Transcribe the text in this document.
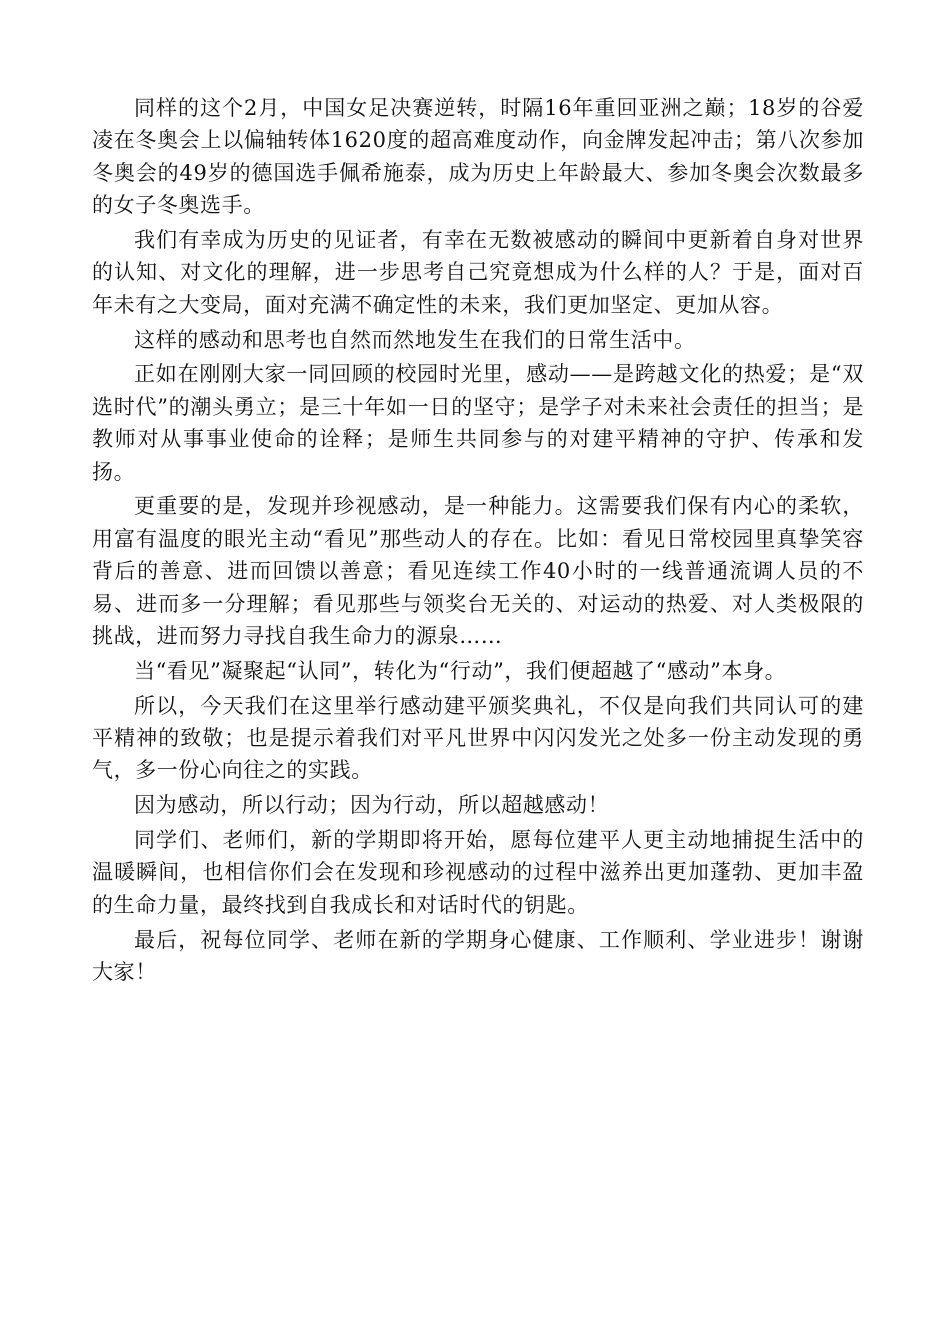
同样的这个2月，中国女足决赛逆转，时隔16年重回亚洲之巅；18岁的谷爱凌在冬奥会上以偏轴转体1620度的超高难度动作，向金牌发起冲击；第八次参加冬奥会的49岁的德国选手佩希施泰，成为历史上年龄最大、参加冬奥会次数最多的女子冬奥选手。

我们有幸成为历史的见证者，有幸在无数被感动的瞬间中更新着自身对世界的认知、对文化的理解，进一步思考自己究竟想成为什么样的人？于是，面对百年未有之大变局，面对充满不确定性的未来，我们更加坚定、更加从容。

这样的感动和思考也自然而然地发生在我们的日常生活中。

正如在刚刚大家一同回顾的校园时光里，感动——是跨越文化的热爱；是“双选时代”的潮头勇立；是三十年如一日的坚守；是学子对未来社会责任的担当；是教师对从事事业使命的诠释；是师生共同参与的对建平精神的守护、传承和发扬。

更重要的是，发现并珍视感动，是一种能力。这需要我们保有内心的柔软，用富有温度的眼光主动“看见”那些动人的存在。比如：看见日常校园里真挚笑容背后的善意、进而回馈以善意；看见连续工作40小时的一线普通流调人员的不易、进而多一分理解；看见那些与领奖台无关的、对运动的热爱、对人类极限的挑战，进而努力寻找自我生命力的源泉……

当“看见”凝聚起“认同”，转化为“行动”，我们便超越了“感动”本身。

所以，今天我们在这里举行感动建平颁奖典礼，不仅是向我们共同认可的建平精神的致敬；也是提示着我们对平凡世界中闪闪发光之处多一份主动发现的勇气，多一份心向往之的实践。

因为感动，所以行动；因为行动，所以超越感动！

同学们、老师们，新的学期即将开始，愿每位建平人更主动地捕捉生活中的温暖瞬间，也相信你们会在发现和珍视感动的过程中滋养出更加蓬勃、更加丰盈的生命力量，最终找到自我成长和对话时代的钥匙。

最后，祝每位同学、老师在新的学期身心健康、工作顺利、学业进步！谢谢大家！
